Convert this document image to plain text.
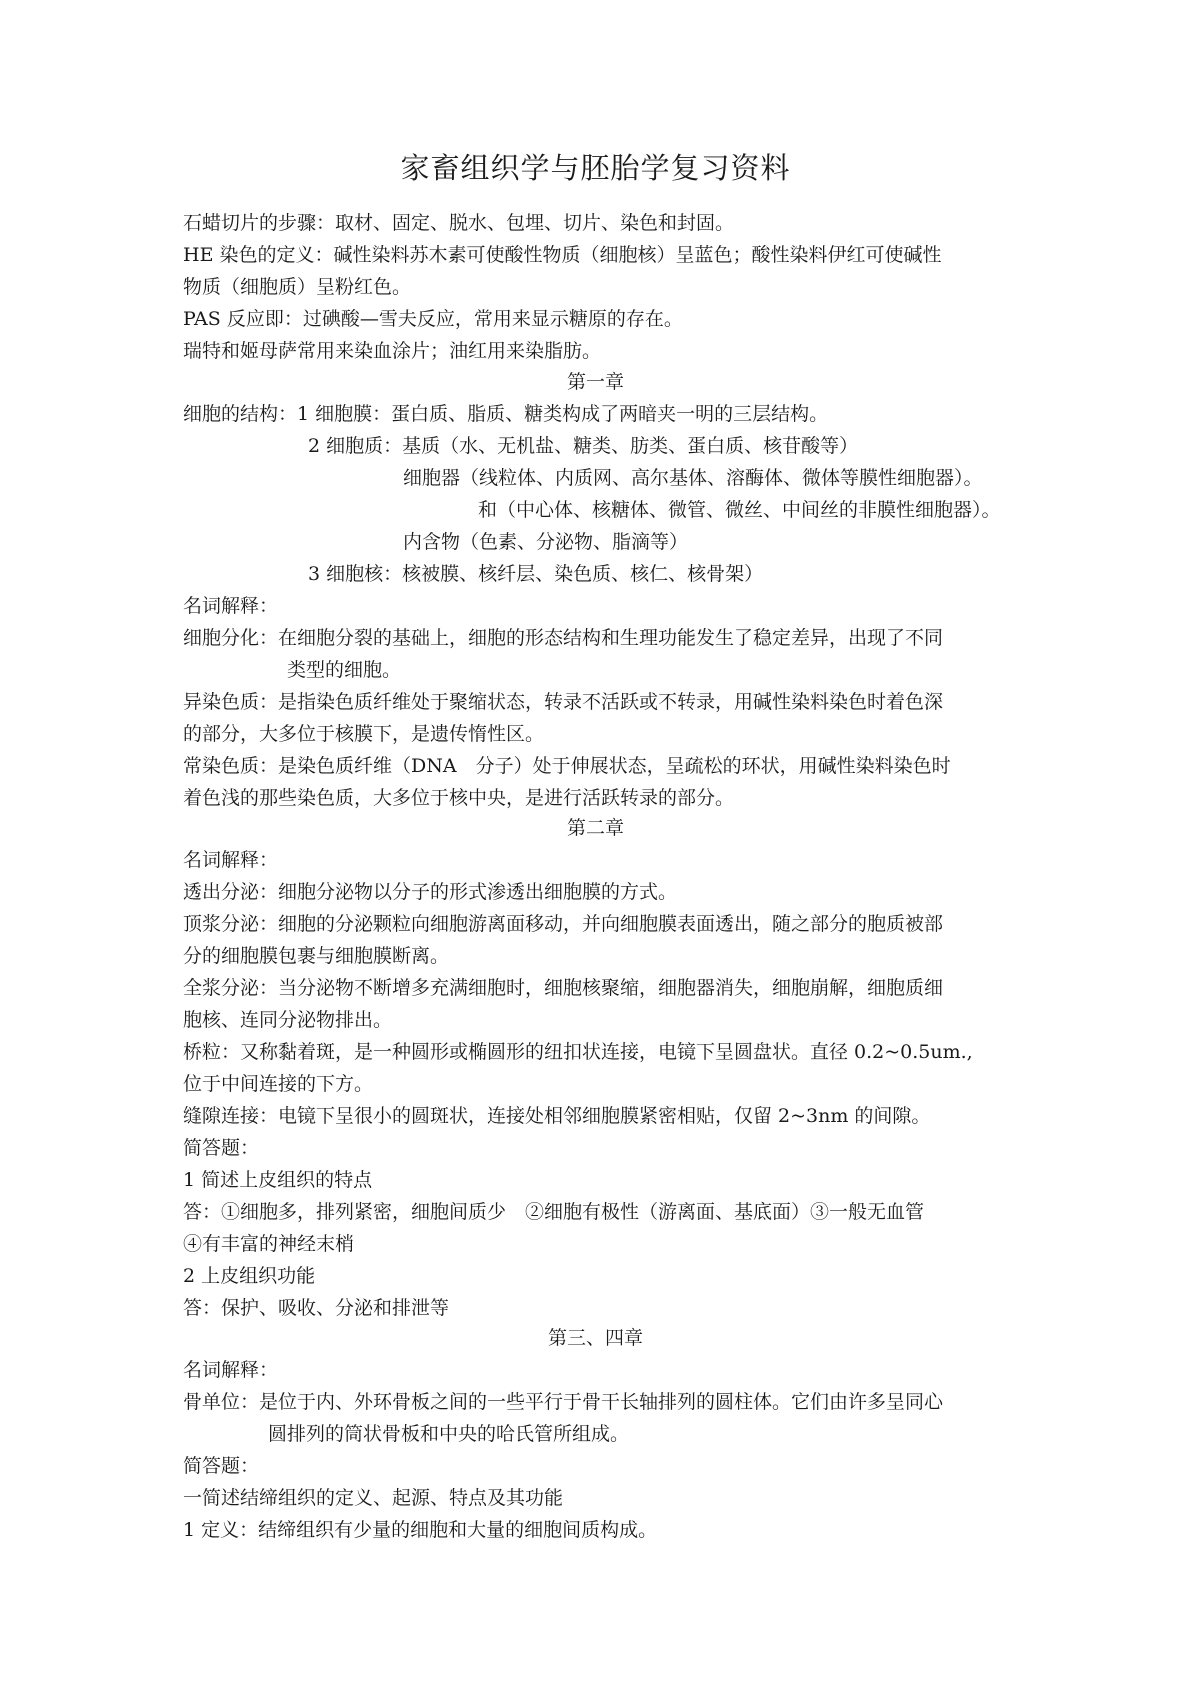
家畜组织学与胚胎学复习资料
石蜡切片的步骤：取材、固定、脱水、包埋、切片、染色和封固。
HE 染色的定义：碱性染料苏木素可使酸性物质（细胞核）呈蓝色；酸性染料伊红可使碱性
物质（细胞质）呈粉红色。
PAS 反应即：过碘酸—雪夫反应，常用来显示糖原的存在。
瑞特和姬母萨常用来染血涂片；油红用来染脂肪。
第一章
细胞的结构：1 细胞膜：蛋白质、脂质、糖类构成了两暗夹一明的三层结构。
2 细胞质：基质（水、无机盐、糖类、肪类、蛋白质、核苷酸等）
细胞器（线粒体、内质网、高尔基体、溶酶体、微体等膜性细胞器）。
和（中心体、核糖体、微管、微丝、中间丝的非膜性细胞器）。
内含物（色素、分泌物、脂滴等）
3 细胞核：核被膜、核纤层、染色质、核仁、核骨架）
名词解释：
细胞分化：在细胞分裂的基础上，细胞的形态结构和生理功能发生了稳定差异，出现了不同
类型的细胞。
异染色质：是指染色质纤维处于聚缩状态，转录不活跃或不转录，用碱性染料染色时着色深
的部分，大多位于核膜下，是遗传惰性区。
常染色质：是染色质纤维（DNA　分子）处于伸展状态，呈疏松的环状，用碱性染料染色时
着色浅的那些染色质，大多位于核中央，是进行活跃转录的部分。
第二章
名词解释：
透出分泌：细胞分泌物以分子的形式渗透出细胞膜的方式。
顶浆分泌：细胞的分泌颗粒向细胞游离面移动，并向细胞膜表面透出，随之部分的胞质被部
分的细胞膜包裹与细胞膜断离。
全浆分泌：当分泌物不断增多充满细胞时，细胞核聚缩，细胞器消失，细胞崩解，细胞质细
胞核、连同分泌物排出。
桥粒：又称黏着斑，是一种圆形或椭圆形的纽扣状连接，电镜下呈圆盘状。直径 0.2~0.5um.,
位于中间连接的下方。
缝隙连接：电镜下呈很小的圆斑状，连接处相邻细胞膜紧密相贴，仅留 2~3nm 的间隙。
简答题：
1 简述上皮组织的特点
答：①细胞多，排列紧密，细胞间质少　②细胞有极性（游离面、基底面）③一般无血管
④有丰富的神经末梢
2 上皮组织功能
答：保护、吸收、分泌和排泄等
第三、四章
名词解释：
骨单位：是位于内、外环骨板之间的一些平行于骨干长轴排列的圆柱体。它们由许多呈同心
圆排列的筒状骨板和中央的哈氏管所组成。
简答题：
一简述结缔组织的定义、起源、特点及其功能
1 定义：结缔组织有少量的细胞和大量的细胞间质构成。
